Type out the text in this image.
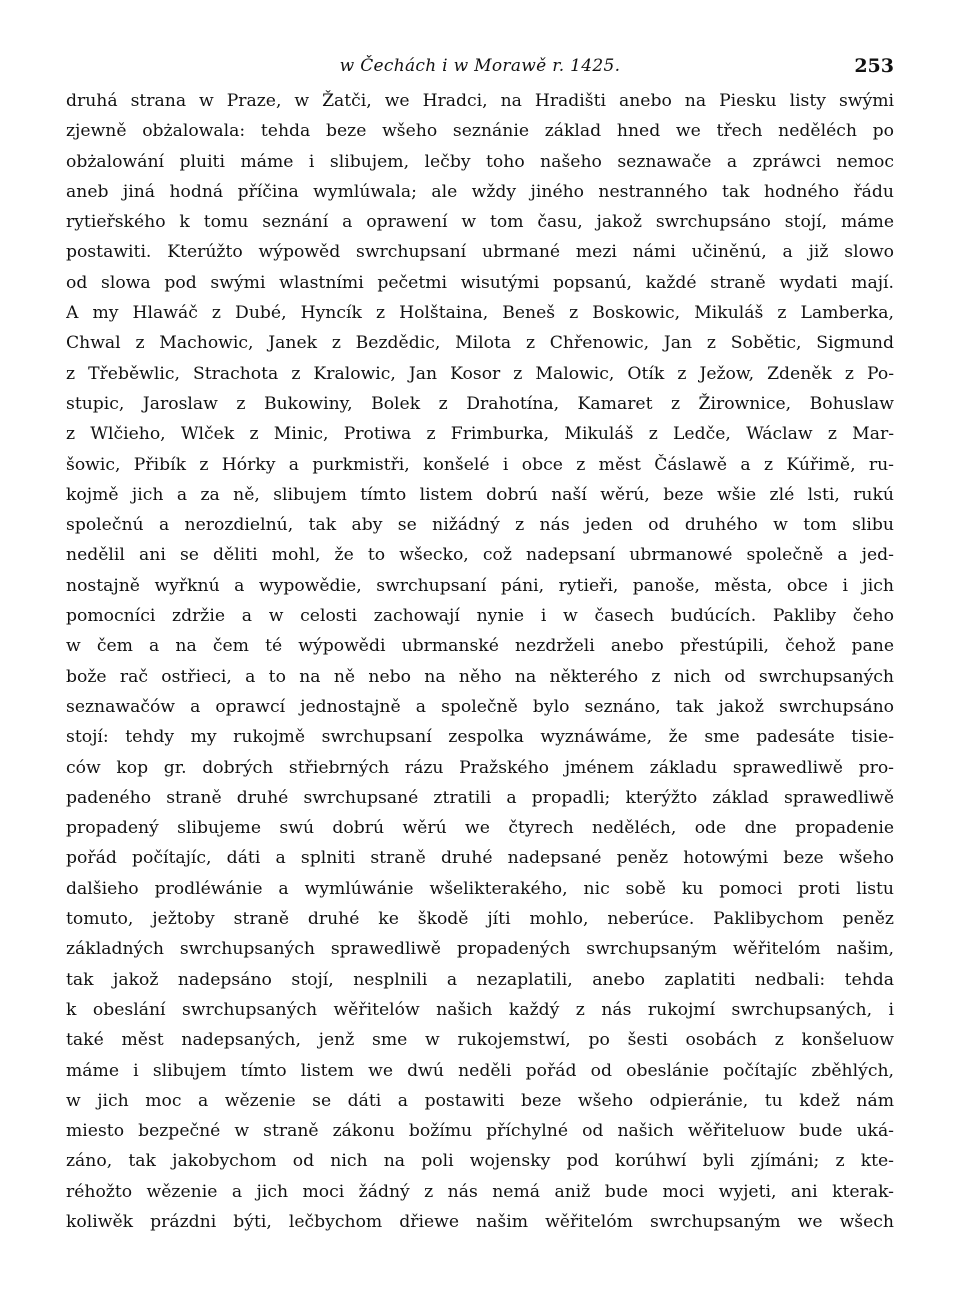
w Čechách i w Morawě r. 1425.	253
druhá strana w Praze, w Žatči, we Hradci, na Hradišti anebo na Piesku listy swými
zjewně obżalowala: tehda beze wšeho seznánie základ hned we třech neděléch po
obżalowání pluiti máme i slibujem, lečby toho našeho seznawače a zpráwci nemoc
aneb jiná hodná příčina wymlúwala; ale wždy jiného nestranného tak hodného řádu
rytieřského k tomu seznání a oprawení w tom času, jakož swrchupsáno stojí, máme
postawiti. Kterúžto wýpowěd swrchupsaní ubrmané mezi námi učiněnú, a již slowo
od slowa pod swými wlastními pečetmi wisutými popsanú, každé straně wydati mají.
A my Hlawáč z Dubé, Hyncík z Holštaina, Beneš z Boskowic, Mikuláš z Lamberka,
Chwal z Machowic, Janek z Bezdědic, Milota z Chřenowic, Jan z Sobětic, Sigmund
z Třeběwlic, Strachota z Kralowic, Jan Kosor z Malowic, Otík z Ježow, Zdeněk z Po-
stupic, Jaroslaw z Bukowiny, Bolek z Drahotína, Kamaret z Žirownice, Bohuslaw
z Wlčieho, Wlček z Minic, Protiwa z Frimburka, Mikuláš z Ledče, Wáclaw z Mar-
šowic, Přibík z Hórky a purkmistři, konšelé i obce z měst Čáslawě a z Kúřimě, ru-
kojmě jich a za ně, slibujem tímto listem dobrú naší wěrú, beze wšie zlé lsti, rukú
společnú a nerozdielnú, tak aby se nižádný z nás jeden od druhého w tom slibu
nedělil ani se děliti mohl, že to wšecko, což nadepsaní ubrmanowé společně a jed-
nostajně wyřknú a wypowědie, swrchupsaní páni, rytieři, panoše, města, obce i jich
pomocníci zdržie a w celosti zachowají nynie i w časech budúcích. Pakliby čeho
w čem a na čem té wýpowědi ubrmanské nezdrželi anebo přestúpili, čehož pane
bože rač ostřieci, a to na ně nebo na něho na některého z nich od swrchupsaných
seznawačów a oprawcí jednostajně a společně bylo seznáno, tak jakož swrchupsáno
stojí: tehdy my rukojmě swrchupsaní zespolka wyznáwáme, že sme padesáte tisie-
ców kop gr. dobrých střiebrných rázu Pražského jménem základu sprawedliwě pro-
padeného straně druhé swrchupsané ztratili a propadli; kterýžto základ sprawedliwě
propadený slibujeme swú dobrú wěrú we čtyrech neděléch, ode dne propadenie
pořád počítajíc, dáti a splniti straně druhé nadepsané peněz hotowými beze wšeho
dalšieho prodléwánie a wymlúwánie wšelikterakého, nic sobě ku pomoci proti listu
tomuto, ježtoby straně druhé ke škodě jíti mohlo, neberúce. Paklibychom peněz
základných swrchupsaných sprawedliwě propadených swrchupsaným wěřitelóm našim,
tak jakož nadepsáno stojí, nesplnili a nezaplatili, anebo zaplatiti nedbali: tehda
k obeslání swrchupsaných wěřitelów našich každý z nás rukojmí swrchupsaných, i
také měst nadepsaných, jenž sme w rukojemstwí, po šesti osobách z konšeluow
máme i slibujem tímto listem we dwú neděli pořád od obeslánie počítajíc zběhlých,
w jich moc a wězenie se dáti a postawiti beze wšeho odpieránie, tu kdež nám
miesto bezpečné w straně zákonu božímu příchylné od našich wěřiteluow bude uká-
záno, tak jakobychom od nich na poli wojensky pod korúhwí byli zjímáni; z kte-
réhožto wězenie a jich moci žádný z nás nemá aniž bude moci wyjeti, ani kterak-
koliwěk prázdni býti, lečbychom dřiewe našim wěřitelóm swrchupsaným we wšech
